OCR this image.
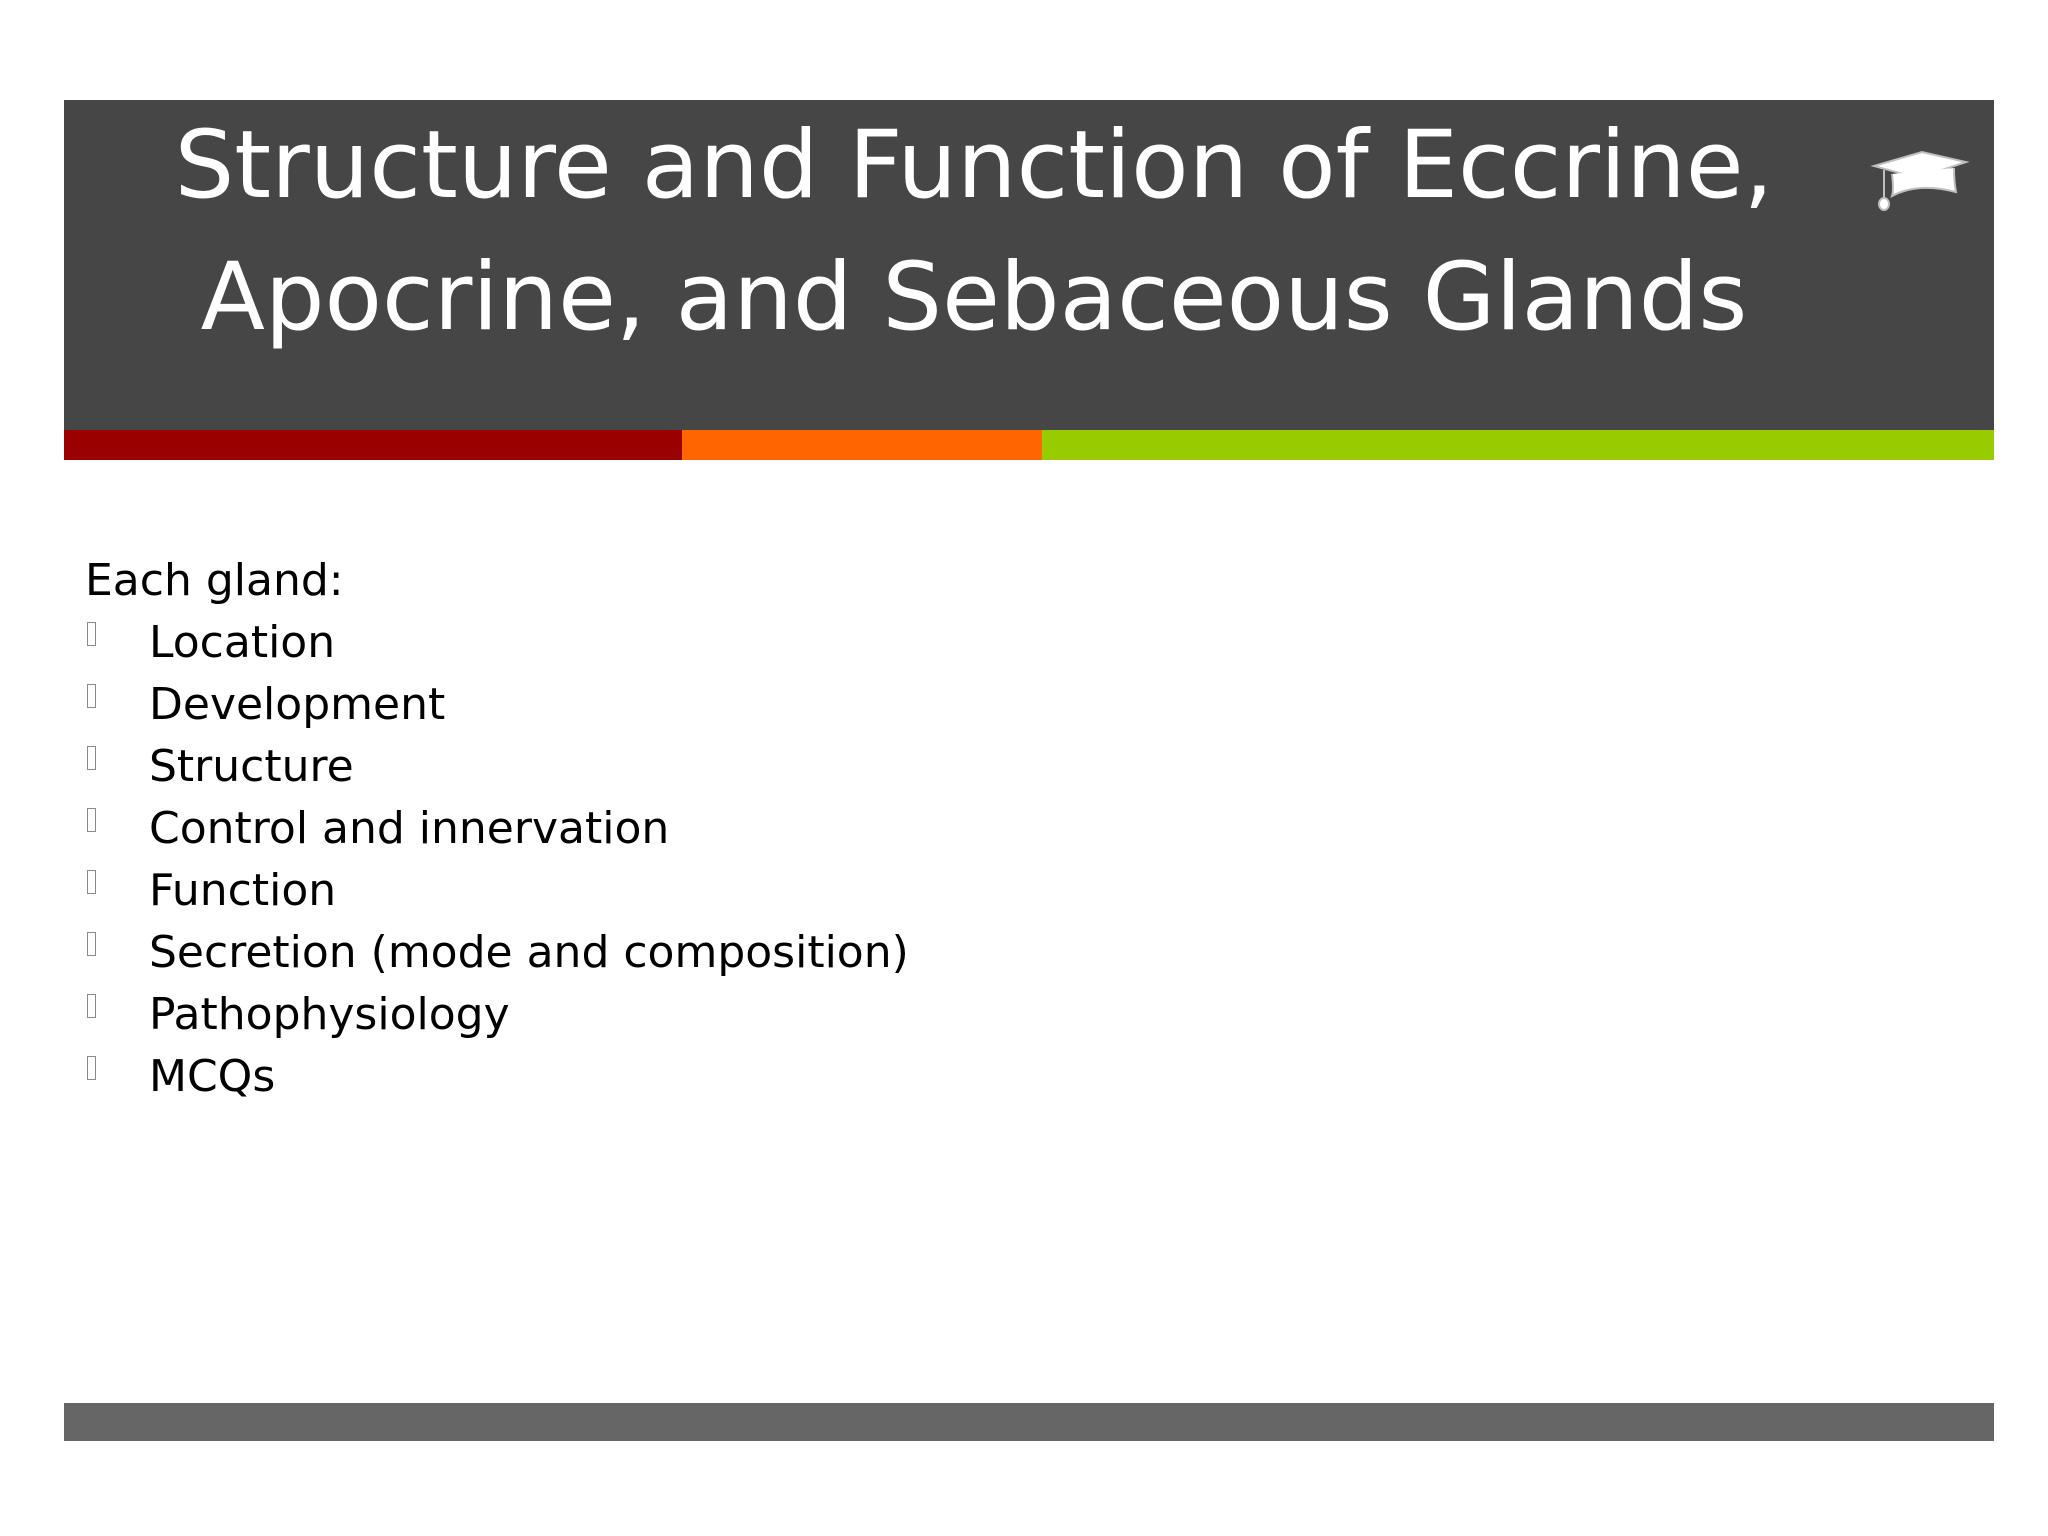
Structure and Function of Eccrine,
Apocrine, and Sebaceous Glands
Each gland:
Location
Development
Structure
Control and innervation
Function
Secretion (mode and composition)
Pathophysiology
MCQs
